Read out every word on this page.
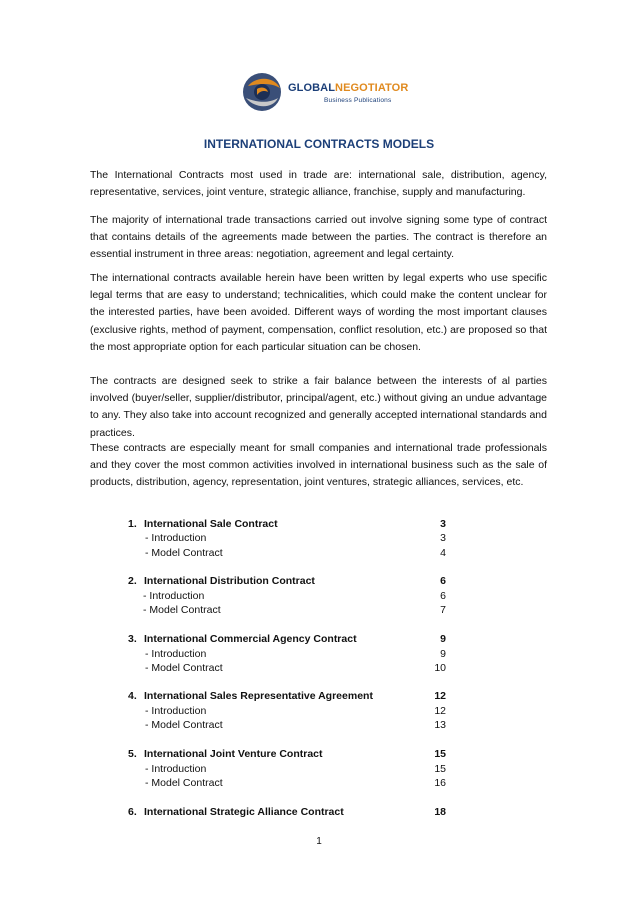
GLOBALNEGOTIATOR
Business Publications
INTERNATIONAL CONTRACTS MODELS
The International Contracts most used in trade are: international sale, distribution, agency, representative, services, joint venture, strategic alliance, franchise, supply and manufacturing.
The majority of international trade transactions carried out involve signing some type of contract that contains details of the agreements made between the parties. The contract is therefore an essential instrument in three areas: negotiation, agreement and legal certainty.
The international contracts available herein have been written by legal experts who use specific legal terms that are easy to understand; technicalities, which could make the content unclear for the interested parties, have been avoided. Different ways of wording the most important clauses (exclusive rights, method of payment, compensation, conflict resolution, etc.) are proposed so that the most appropriate option for each particular situation can be chosen.
The contracts are designed seek to strike a fair balance between the interests of al parties involved (buyer/seller, supplier/distributor, principal/agent, etc.) without giving an undue advantage to any. They also take into account recognized and generally accepted international standards and practices.
These contracts are especially meant for small companies and international trade professionals and they cover the most common activities involved in international business such as the sale of products, distribution, agency, representation, joint ventures, strategic alliances, services, etc.
1. International Sale Contract	3
- Introduction	3
- Model Contract	4
2. International Distribution Contract	6
- Introduction	6
- Model Contract	7
3. International Commercial Agency Contract	9
- Introduction	9
- Model Contract	10
4. International Sales Representative Agreement	12
- Introduction	12
- Model Contract	13
5. International Joint Venture Contract	15
- Introduction	15
- Model Contract	16
6. International Strategic Alliance Contract	18
1
